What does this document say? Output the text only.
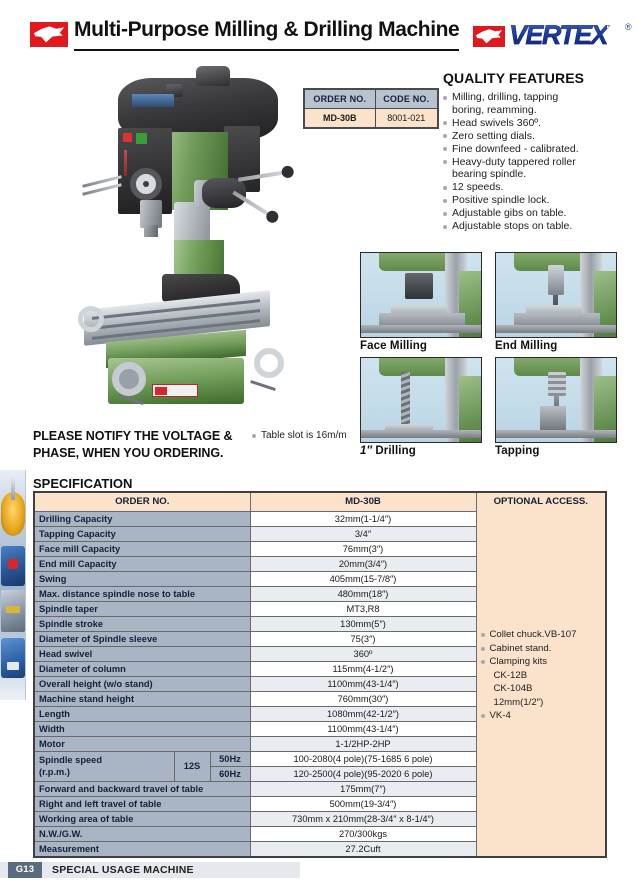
Multi-Purpose Milling & Drilling Machine	VERTEX ®
ORDER NO.	CODE NO.
MD-30B	8001-021
QUALITY FEATURES
Milling, drilling, tapping
boring, reamming.
Head swivels 360º.
Zero setting dials.
Fine downfeed - calibrated.
Heavy-duty tappered roller
bearing spindle.
12 speeds.
Positive spindle lock.
Adjustable gibs on table.
Adjustable stops on table.
Face Milling	End Milling
1″ Drilling	Tapping
PLEASE NOTIFY THE VOLTAGE &
PHASE, WHEN YOU ORDERING.
Table slot is 16m/m
SPECIFICATION
ORDER NO.	MD-30B	OPTIONAL ACCESS.
Collet chuck.VB-107
Cabinet stand.
Clamping kits
CK-12B
CK-104B
12mm(1/2″)
VK-4

Drilling Capacity			32mm(1-1/4″)	
Tapping Capacity			3/4″	
Face mill Capacity			76mm(3″)	
End mill Capacity			20mm(3/4″)	
Swing			405mm(15-7/8″)	
Max. distance spindle nose to table			480mm(18″)	
Spindle taper			MT3,R8	
Spindle stroke			130mm(5″)	
Diameter of Spindle sleeve			75(3″)	
Head swivel			360º	
Diameter of column			115mm(4-1/2″)	
Overall height (w/o stand)			1100mm(43-1/4″)	
Machine stand height			760mm(30″)	
Length			1080mm(42-1/2″)	
Width			1100mm(43-1/4″)	
Motor			1-1/2HP-2HP	

Spindle speed
(r.p.m.)	12S	50Hz	100-2080(4 pole)(75-1685 6 pole)	
		60Hz	120-2500(4 pole)(95-2020 6 pole)	
Forward and backward travel of table			175mm(7″)	
Right and left travel of table			500mm(19-3/4″)	
Working area of table			730mm x 210mm(28-3/4″ x 8-1/4″)	
N.W./G.W.			270/300kgs	
Measurement			27.2Cuft	
G13	SPECIAL USAGE MACHINE
